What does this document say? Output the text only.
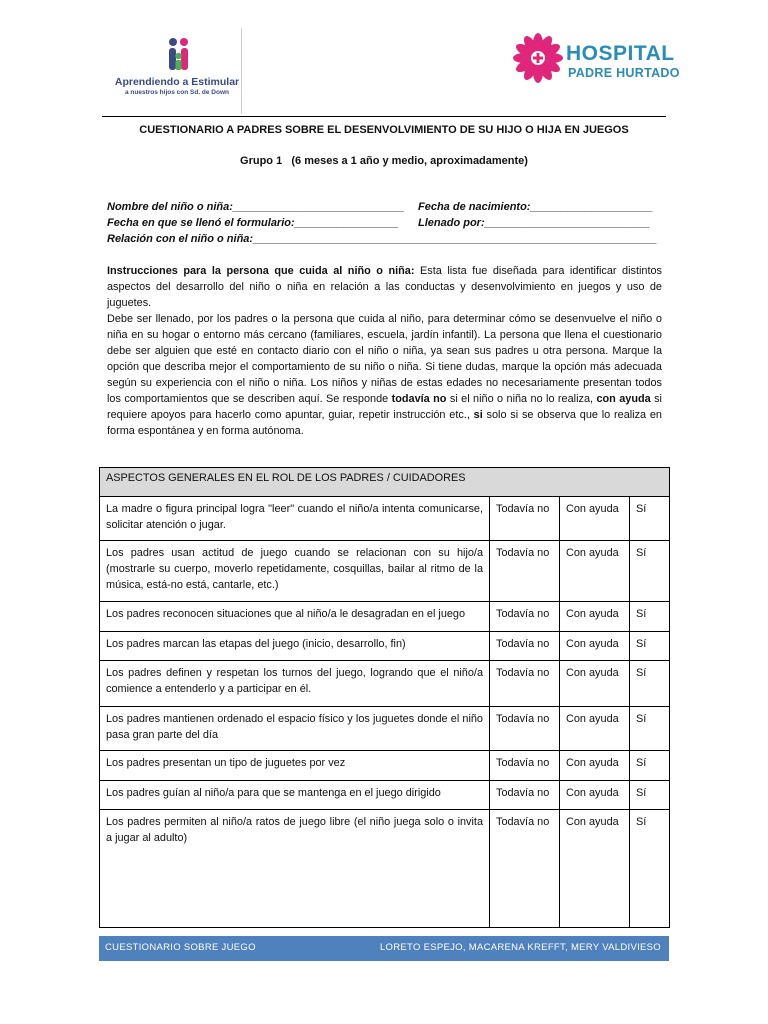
Aprendiendo a Estimular
a nuestros hijos con Sd. de Down
HOSPITAL
PADRE HURTADO
CUESTIONARIO A PADRES SOBRE EL DESENVOLVIMIENTO DE SU HIJO O HIJA EN JUEGOS
Grupo 1   (6 meses a 1 año y medio, aproximadamente)
Nombre del niño o niña:____________________________ Fecha de nacimiento:____________________
Fecha en que se llenó el formulario:_________________ Llenado por:___________________________
Relación con el niño o niña:__________________________________________________________________

Instrucciones para la persona que cuida al niño o niña: Esta lista fue diseñada para identificar distintos aspectos del desarrollo del niño o niña en relación a las conductas y desenvolvimiento en juegos y uso de juguetes.

Debe ser llenado, por los padres o la persona que cuida al niño, para determinar cómo se desenvuelve el niño o niña en su hogar o entorno más cercano (familiares, escuela, jardín infantil). La persona que llena el cuestionario debe ser alguien que esté en contacto diario con el niño o niña, ya sean sus padres u otra persona. Marque la opción que describa mejor el comportamiento de su niño o niña. Si tiene dudas, marque la opción más adecuada según su experiencia con el niño o niña. Los niños y niñas de estas edades no necesariamente presentan todos los comportamientos que se describen aquí. Se responde todavía no si el niño o niña no lo realiza, con ayuda si requiere apoyos para hacerlo como apuntar, guiar, repetir instrucción etc., si solo si se observa que lo realiza en forma espontánea y en forma autónoma.

ASPECTOS GENERALES EN EL ROL DE LOS PADRES / CUIDADORES			
La madre o figura principal logra "leer" cuando el niño/a intenta comunicarse, solicitar atención o jugar.	Todavía no	Con ayuda	Sí
Los padres usan actitud de juego cuando se relacionan con su hijo/a (mostrarle su cuerpo, moverlo repetidamente, cosquillas, bailar al ritmo de la música, está-no está, cantarle, etc.)	Todavía no	Con ayuda	Sí
Los padres reconocen situaciones que al niño/a le desagradan en el juego	Todavía no	Con ayuda	Sí
Los padres marcan las etapas del juego (inicio, desarrollo, fin)	Todavía no	Con ayuda	Sí
Los padres definen y respetan los turnos del juego, logrando que el niño/a comience a entenderlo y a participar en él.	Todavía no	Con ayuda	Sí
Los padres mantienen ordenado el espacio físico y los juguetes donde el niño pasa gran parte del día	Todavía no	Con ayuda	Sí
Los padres presentan un tipo de juguetes por vez	Todavía no	Con ayuda	Sí
Los padres guían al niño/a para que se mantenga en el juego dirigido	Todavía no	Con ayuda	Sí
Los padres permiten al niño/a ratos de juego libre (el niño juega solo o invita a jugar al adulto)	Todavía no	Con ayuda	Sí
CUESTIONARIO SOBRE JUEGO	LORETO ESPEJO, MACARENA KREFFT, MERY VALDIVIESO
